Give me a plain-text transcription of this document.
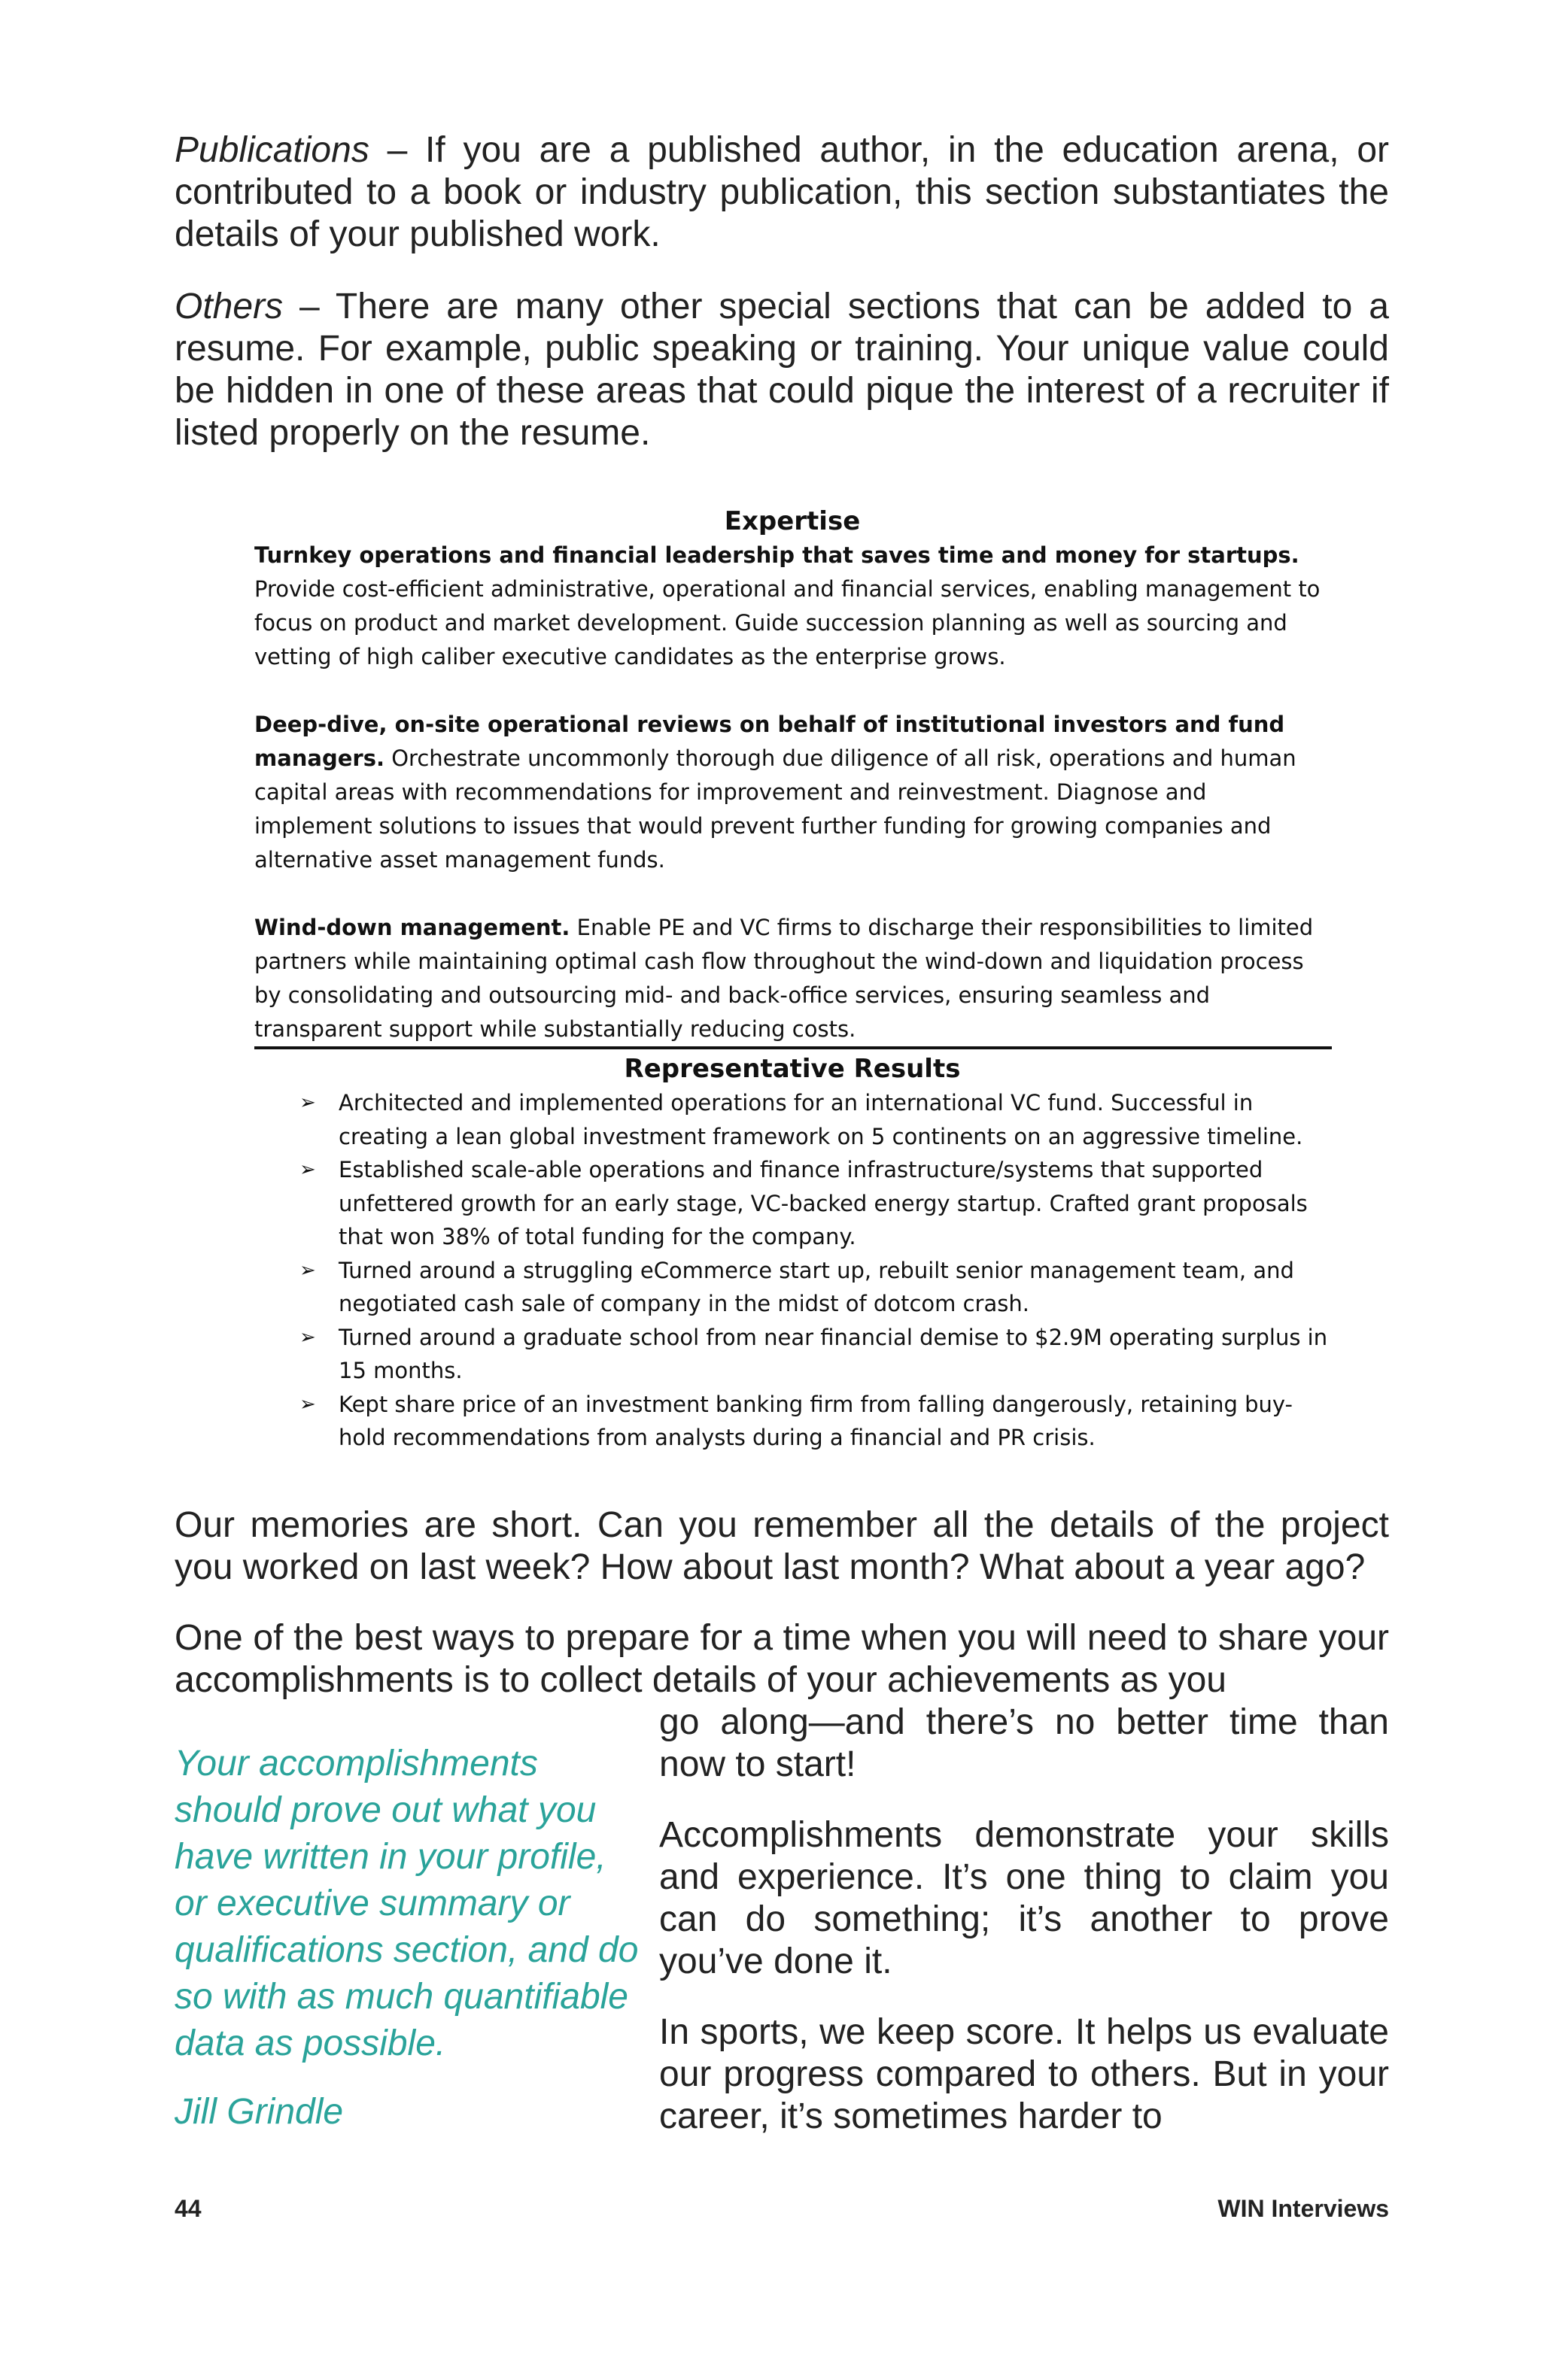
Publications – If you are a published author, in the education arena, or contributed to a book or industry publication, this section substantiates the details of your published work.

Others – There are many other special sections that can be added to a resume. For example, public speaking or training. Your unique value could be hidden in one of these areas that could pique the interest of a recruiter if listed properly on the resume.

Expertise

Turnkey operations and financial leadership that saves time and money for startups. Provide cost-efficient administrative, operational and financial services, enabling management to focus on product and market development. Guide succession planning as well as sourcing and vetting of high caliber executive candidates as the enterprise grows.

Deep-dive, on-site operational reviews on behalf of institutional investors and fund managers. Orchestrate uncommonly thorough due diligence of all risk, operations and human capital areas with recommendations for improvement and reinvestment. Diagnose and implement solutions to issues that would prevent further funding for growing companies and alternative asset management funds.

Wind-down management. Enable PE and VC firms to discharge their responsibilities to limited partners while maintaining optimal cash flow throughout the wind-down and liquidation process by consolidating and outsourcing mid- and back-office services, ensuring seamless and transparent support while substantially reducing costs.

Representative Results
➢ Architected and implemented operations for an international VC fund. Successful in creating a lean global investment framework on 5 continents on an aggressive timeline.
➢ Established scale-able operations and finance infrastructure/systems that supported unfettered growth for an early stage, VC-backed energy startup. Crafted grant proposals that won 38% of total funding for the company.
➢ Turned around a struggling eCommerce start up, rebuilt senior management team, and negotiated cash sale of company in the midst of dotcom crash.
➢ Turned around a graduate school from near financial demise to $2.9M operating surplus in 15 months.
➢ Kept share price of an investment banking firm from falling dangerously, retaining buy-hold recommendations from analysts during a financial and PR crisis.

Our memories are short. Can you remember all the details of the project you worked on last week? How about last month? What about a year ago?

One of the best ways to prepare for a time when you will need to share your accomplishments is to collect details of your achievements as you

go along—and there’s no better time than now to start!

Accomplishments demonstrate your skills and experience. It’s one thing to claim you can do something; it’s another to prove you’ve done it.

In sports, we keep score. It helps us evaluate our progress compared to others. But in your career, it’s sometimes harder to

Your accomplishments should prove out what you have written in your profile, or executive summary or qualifications section, and do so with as much quantifiable data as possible.

Jill Grindle

44	WIN Interviews
